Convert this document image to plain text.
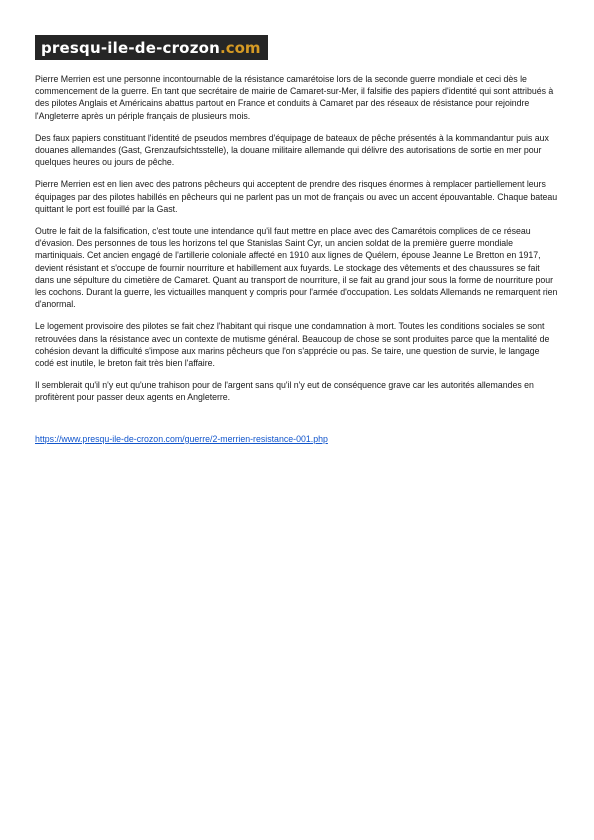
presqu-ile-de-crozon .com

Pierre Merrien est une personne incontournable de la résistance camarétoise lors de la seconde guerre mondiale et ceci dès le commencement de la guerre. En tant que secrétaire de mairie de Camaret-sur-Mer, il falsifie des papiers d'identité qui sont attribués à des pilotes Anglais et Américains abattus partout en France et conduits à Camaret par des réseaux de résistance pour rejoindre l'Angleterre après un périple français de plusieurs mois.

Des faux papiers constituant l'identité de pseudos membres d'équipage de bateaux de pêche présentés à la kommandantur puis aux douanes allemandes (Gast, Grenzaufsichtsstelle), la douane militaire allemande qui délivre des autorisations de sortie en mer pour quelques heures ou jours de pêche.

Pierre Merrien est en lien avec des patrons pêcheurs qui acceptent de prendre des risques énormes à remplacer partiellement leurs équipages par des pilotes habillés en pêcheurs qui ne parlent pas un mot de français ou avec un accent épouvantable. Chaque bateau quittant le port est fouillé par la Gast.

Outre le fait de la falsification, c'est toute une intendance qu'il faut mettre en place avec des Camarétois complices de ce réseau d'évasion. Des personnes de tous les horizons tel que Stanislas Saint Cyr, un ancien soldat de la première guerre mondiale martiniquais. Cet ancien engagé de l'artillerie coloniale affecté en 1910 aux lignes de Quélern, épouse Jeanne Le Bretton en 1917, devient résistant et s'occupe de fournir nourriture et habillement aux fuyards. Le stockage des vêtements et des chaussures se fait dans une sépulture du cimetière de Camaret. Quant au transport de nourriture, il se fait au grand jour sous la forme de nourriture pour les cochons. Durant la guerre, les victuailles manquent y compris pour l'armée d'occupation. Les soldats Allemands ne remarquent rien d'anormal.

Le logement provisoire des pilotes se fait chez l'habitant qui risque une condamnation à mort. Toutes les conditions sociales se sont retrouvées dans la résistance avec un contexte de mutisme général. Beaucoup de chose se sont produites parce que la mentalité de cohésion devant la difficulté s'impose aux marins pêcheurs que l'on s'apprécie ou pas. Se taire, une question de survie, le langage codé est inutile, le breton fait très bien l'affaire.

Il semblerait qu'il n'y eut qu'une trahison pour de l'argent sans qu'il n'y eut de conséquence grave car les autorités allemandes en profitèrent pour passer deux agents en Angleterre.

https://www.presqu-ile-de-crozon.com/guerre/2-merrien-resistance-001.php
